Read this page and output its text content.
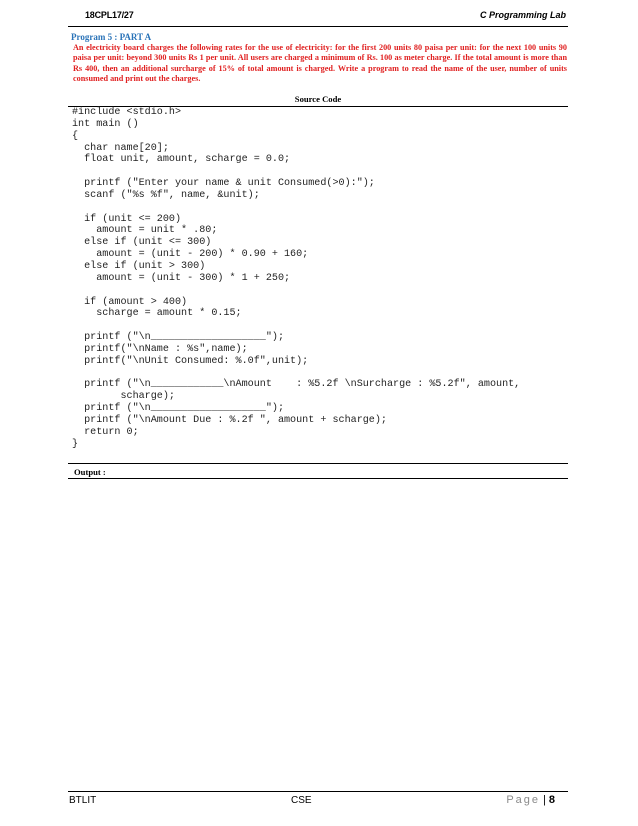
18CPL17/27	C Programming Lab
Program 5 : PART A
An electricity board charges the following rates for the use of electricity: for the first 200 units 80 paisa per unit: for the next 100 units 90 paisa per unit: beyond 300 units Rs 1 per unit. All users are charged a minimum of Rs. 100 as meter charge. If the total amount is more than Rs 400, then an additional surcharge of 15% of total amount is charged. Write a program to read the name of the user, number of units consumed and print out the charges.
Source Code
#include <stdio.h>
int main ()
{
char name[20];
float unit, amount, scharge = 0.0;

printf ("Enter your name & unit Consumed(>0):");
scanf ("%s %f", name, &unit);

if (unit <= 200)
amount = unit * .80;
else if (unit <= 300)
amount = (unit - 200) * 0.90 + 160;
else if (unit > 300)
amount = (unit - 300) * 1 + 250;

if (amount > 400)
scharge = amount * 0.15;

printf ("\n___________________");
printf("\nName : %s",name);
printf("\nUnit Consumed: %.0f",unit);

printf ("\n____________\nAmount    : %5.2f \nSurcharge : %5.2f", amount,
scharge);
printf ("\n___________________");
printf ("\nAmount Due : %.2f ", amount + scharge);
return 0;
}
Output :
BTLIT	CSE	Page | 8
